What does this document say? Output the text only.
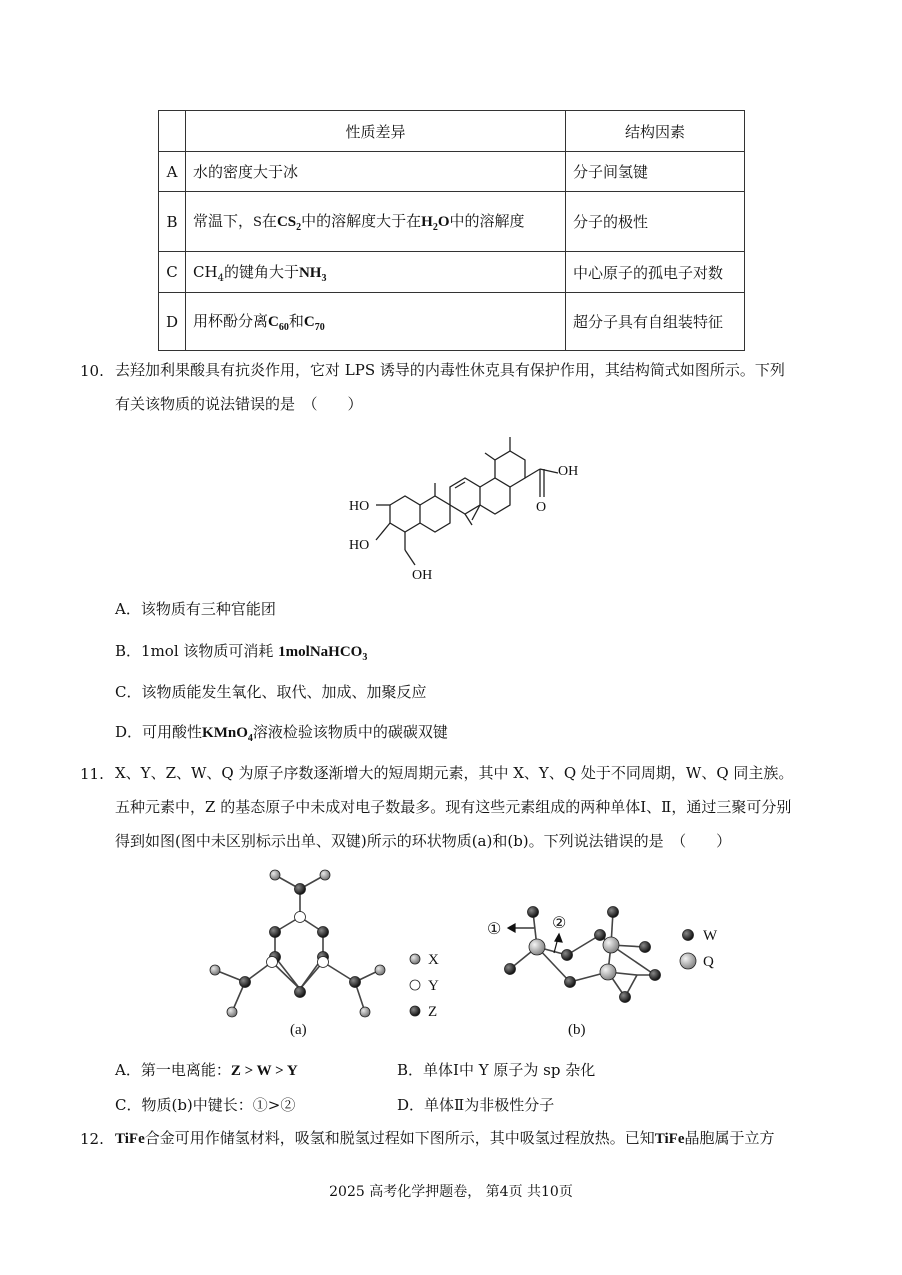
	性质差异	结构因素
A	水的密度大于冰	分子间氢键
B	常温下，S在$CS_2$中的溶解度大于在$H_2O$中的溶解度	分子的极性
C	$CH_4$的键角大于$NH_3$	中心原子的孤电子对数
D	用杯酚分离$C_{60}$和$C_{70}$	超分子具有自组装特征
10. 去羟加利果酸具有抗炎作用，它对 LPS 诱导的内毒性休克具有保护作用，其结构简式如图所示。下列
有关该物质的说法错误的是　（　　）
OH
O
HO
HO
OH
A．该物质有三种官能团
B．1mol 该物质可消耗 1molNaHCO$_3$
C．该物质能发生氧化、取代、加成、加聚反应
D．可用酸性KMnO$_4$溶液检验该物质中的碳碳双键
11. X、Y、Z、W、Q 为原子序数逐渐增大的短周期元素，其中 X、Y、Q 处于不同周期，W、Q 同主族。
五种元素中，Z 的基态原子中未成对电子数最多。现有这些元素组成的两种单体Ⅰ、Ⅱ，通过三聚可分别
得到如图(图中未区别标示出单、双键)所示的环状物质(a)和(b)。下列说法错误的是　（　　）
X
Y
Z
(a)
①	②
W
Q
(b)
A．第一电离能：Z > W > Y	B．单体Ⅰ中 Y 原子为 sp 杂化
C．物质(b)中键长：①>②	D．单体Ⅱ为非极性分子
12. TiFe合金可用作储氢材料，吸氢和脱氢过程如下图所示，其中吸氢过程放热。已知TiFe晶胞属于立方
2025 高考化学押题卷， 第4页 共10页
